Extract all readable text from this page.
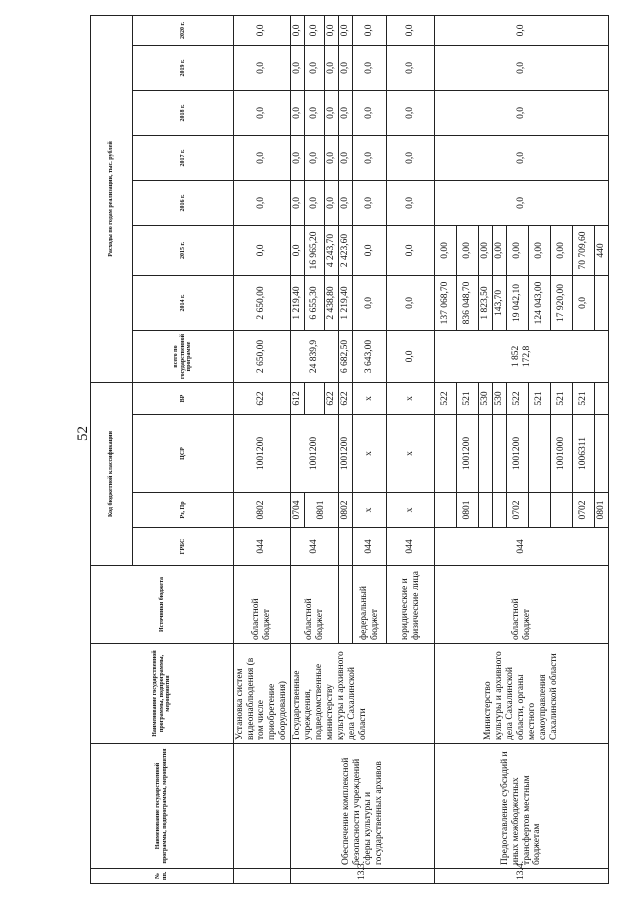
52
№ пп.	Наименование государственной программы, подпрограммы, мероприятия	Наименование государственной программы, подпрограммы, мероприятия	Источники бюджета	Код бюджетной классификации				Расходы по годам реализации, тыс. рублей							
				ГРБС	Рз, Пр	ЦСР	ВР	всего по государственной программе	2014 г.	2015 г.	2016 г.	2017 г.	2018 г.	2019 г.	2020 г.
		Установка систем видеонаблюдения (в том числе приобретение оборудования)	областной бюджет	044	0802	1001200	622	2 650,00	2 650,00	0,0	0,0	0,0	0,0	0,0	0,0
13.3.	Обеспечение комплексной безопасности учреждений сферы культуры и государственных архивов	Государственные учреждения, подведомственные министерству культуры и архивного дела Сахалинской области	областной бюджет	044	0704	1001200	612	24 839,9	1 219,40	0,0	0,0	0,0	0,0	0,0	0,0
					0801				6 655,30	16 965,20	0,0	0,0	0,0	0,0	0,0
							622		2 438,80	4 243,70	0,0	0,0	0,0	0,0	0,0
					0802	1001200	622	6 682,50	1 219,40	2 423,60	0,0	0,0	0,0	0,0	0,0
			федеральный бюджет	044	х	х	х	3 643,00	0,0	0,0	0,0	0,0	0,0	0,0	0,0
			юридические и физические лица	044	х	х	х	0,0	0,0	0,0	0,0	0,0	0,0	0,0	0,0
13.4.	Предоставление субсидий и иных межбюджетных трансфертов местным бюджетам	Министерство культуры и архивного дела Сахалинской области, органы местного самоуправления Сахалинской области	областной бюджет	044			522	1 852 172,8	137 068,70	0,00	0,0	0,0	0,0	0,0	0,0
					0801	1001200	521		836 048,70	0,00					
							530		1 823,50	0,00					
							530		143,70	0,00					
					0702	1001200	522		19 042,10	0,00					
							521		124 043,00	0,00					
						1001000	521		17 920,00	0,00					
					0702	1006311	521		0,0	70 709,60					
					0801					440					
